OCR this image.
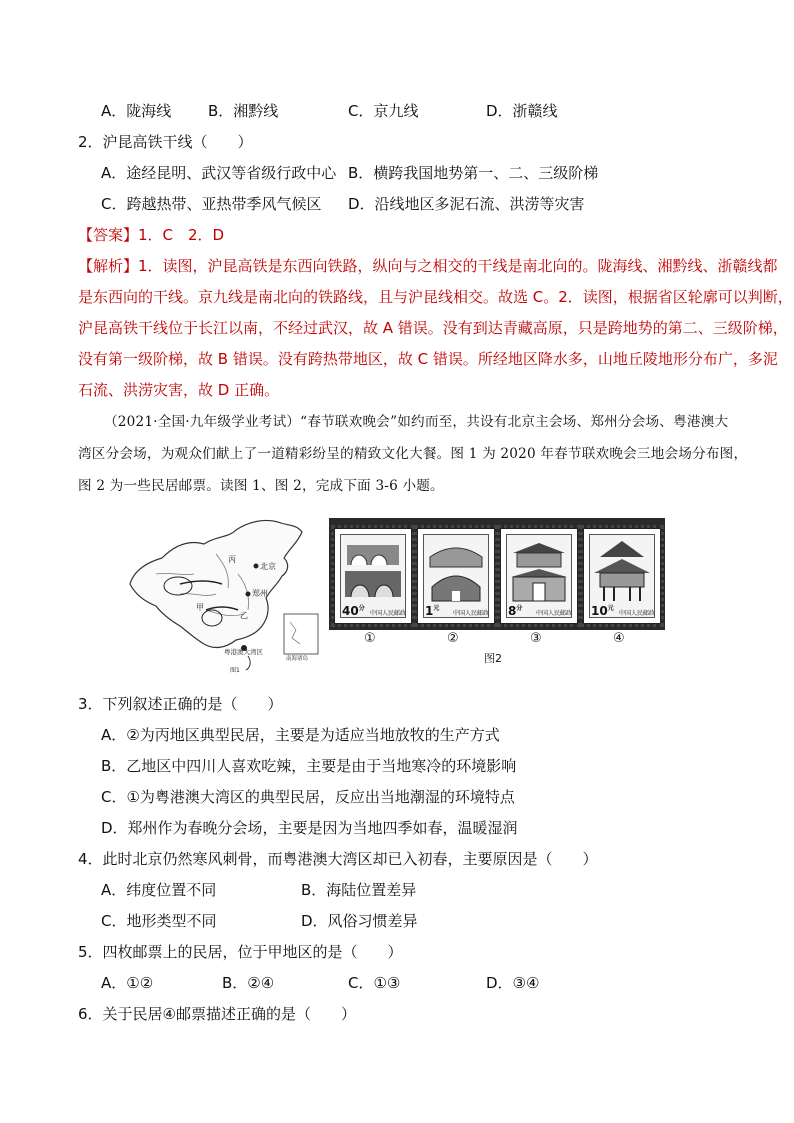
A．陇海线 B．湘黔线	C．京九线	D．浙赣线
2．沪昆高铁干线（　　）
A．途经昆明、武汉等省级行政中心 B．横跨我国地势第一、二、三级阶梯
C．跨越热带、亚热带季风气候区 D．沿线地区多泥石流、洪涝等灾害
【答案】1．C　2．D
【解析】1．读图，沪昆高铁是东西向铁路，纵向与之相交的干线是南北向的。陇海线、湘黔线、浙赣线都
是东西向的干线。京九线是南北向的铁路线，且与沪昆线相交。故选 C。2．读图，根据省区轮廓可以判断，
沪昆高铁干线位于长江以南，不经过武汉，故 A 错误。没有到达青藏高原，只是跨地势的第二、三级阶梯，
没有第一级阶梯，故 B 错误。没有跨热带地区，故 C 错误。所经地区降水多，山地丘陵地形分布广，多泥
石流、洪涝灾害，故 D 正确。
（2021·全国·九年级学业考试）“春节联欢晚会”如约而至，共设有北京主会场、郑州分会场、粤港澳大
湾区分会场，为观众们献上了一道精彩纷呈的精致文化大餐。图 1 为 2020 年春节联欢晚会三地会场分布图，
图 2 为一些民居邮票。读图 1、图 2，完成下面 3-6 小题。
北京
郑州
丙
甲
乙
粤港澳大湾区
南海诸岛
图1
$40^分$
中国人民邮政 $1^元$
中国人民邮政 $8^分$
中国人民邮政 $10^元$
中国人民邮政
①	②	③	④
图2
3．下列叙述正确的是（　　）
A．②为丙地区典型民居，主要是为适应当地放牧的生产方式
B．乙地区中四川人喜欢吃辣，主要是由于当地寒冷的环境影响
C．①为粤港澳大湾区的典型民居，反应出当地潮湿的环境特点
D．郑州作为春晚分会场，主要是因为当地四季如春，温暖湿润
4．此时北京仍然寒风刺骨，而粤港澳大湾区却已入初春，主要原因是（　　）
A．纬度位置不同	B．海陆位置差异
C．地形类型不同	D．风俗习惯差异
5．四枚邮票上的民居，位于甲地区的是（　　）
A．①②	B．②④	C．①③	D．③④
6．关于民居④邮票描述正确的是（　　）
